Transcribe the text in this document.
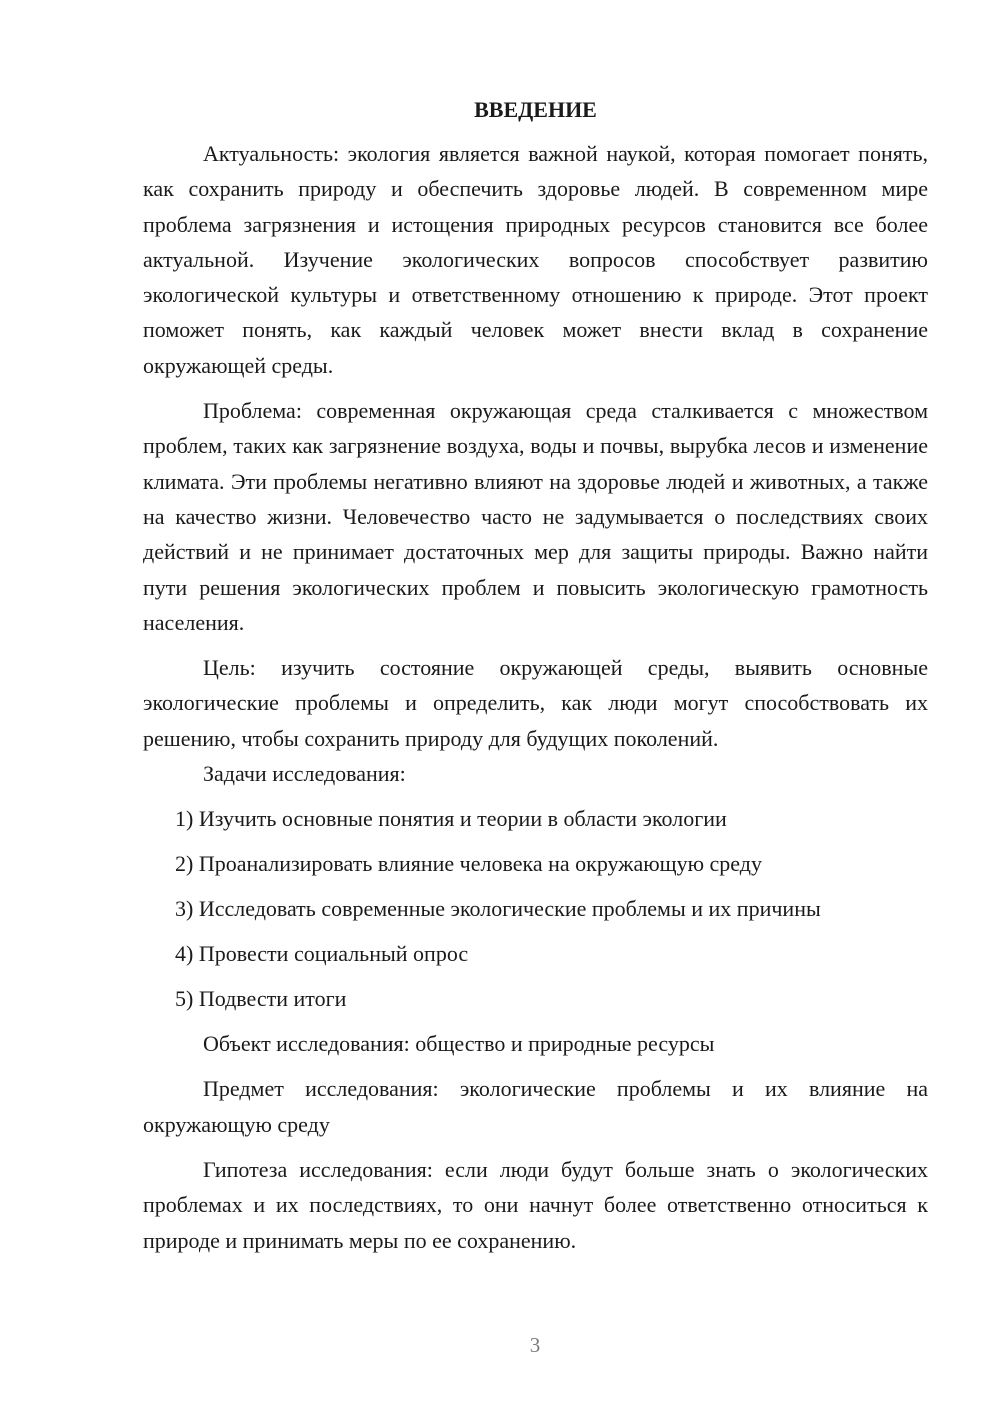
ВВЕДЕНИЕ

Актуальность: экология является важной наукой, которая помогает понять, как сохранить природу и обеспечить здоровье людей. В современном мире проблема загрязнения и истощения природных ресурсов становится все более актуальной. Изучение экологических вопросов способствует развитию экологической культуры и ответственному отношению к природе. Этот проект поможет понять, как каждый человек может внести вклад в сохранение окружающей среды.

Проблема: современная окружающая среда сталкивается с множеством проблем, таких как загрязнение воздуха, воды и почвы, вырубка лесов и изменение климата. Эти проблемы негативно влияют на здоровье людей и животных, а также на качество жизни. Человечество часто не задумывается о последствиях своих действий и не принимает достаточных мер для защиты природы. Важно найти пути решения экологических проблем и повысить экологическую грамотность населения.

Цель: изучить состояние окружающей среды, выявить основные экологические проблемы и определить, как люди могут способствовать их решению, чтобы сохранить природу для будущих поколений.

Задачи исследования:

1) Изучить основные понятия и теории в области экологии

2) Проанализировать влияние человека на окружающую среду

3) Исследовать современные экологические проблемы и их причины

4) Провести социальный опрос

5) Подвести итоги

Объект исследования: общество и природные ресурсы

Предмет исследования: экологические проблемы и их влияние на окружающую среду

Гипотеза исследования: если люди будут больше знать о экологических проблемах и их последствиях, то они начнут более ответственно относиться к природе и принимать меры по ее сохранению.

3
